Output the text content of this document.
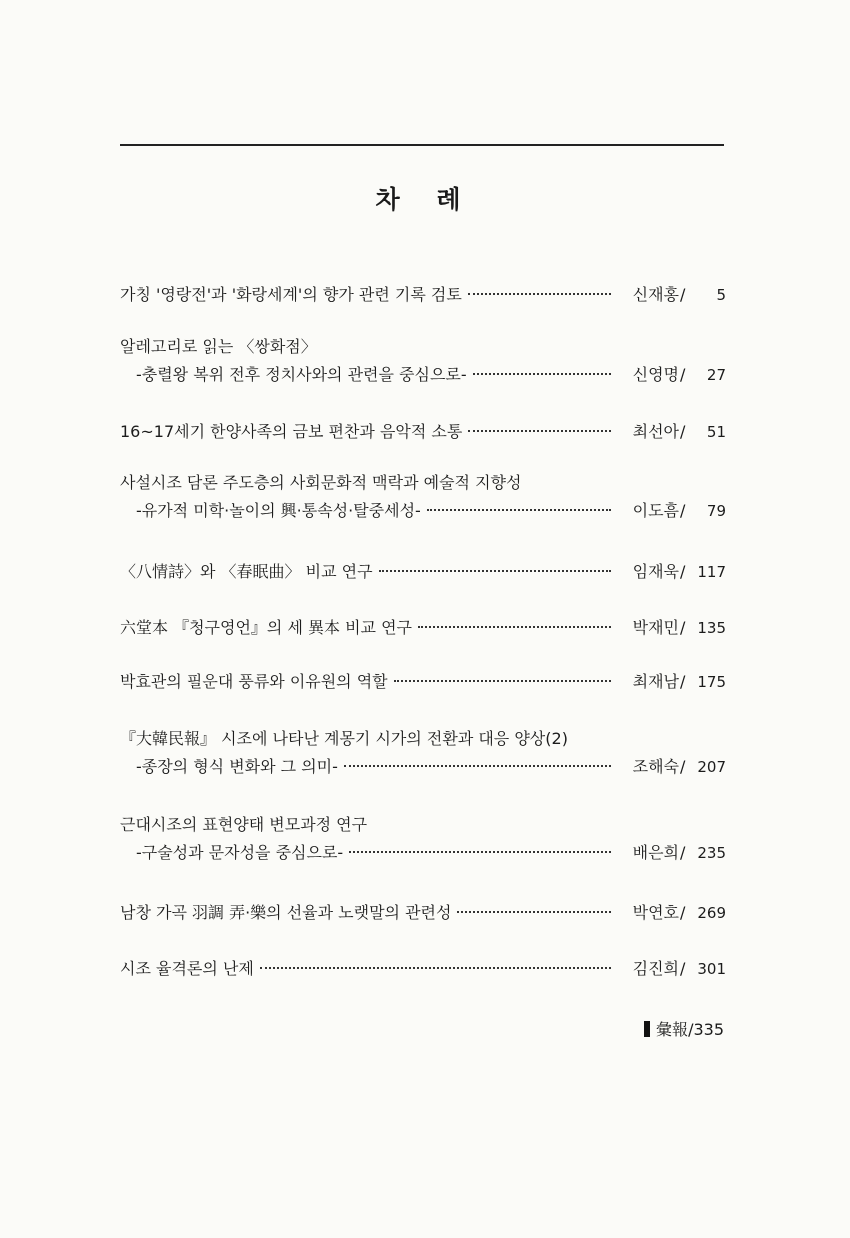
차 례
가칭 '영랑전'과 '화랑세계'의 향가 관련 기록 검토	신재홍 /	5
알레고리로 읽는 〈쌍화점〉
-충렬왕 복위 전후 정치사와의 관련을 중심으로-	신영명 /	27
16~17세기 한양사족의 금보 편찬과 음악적 소통	최선아 /	51
사설시조 담론 주도층의 사회문화적 맥락과 예술적 지향성
-유가적 미학·놀이의 興·통속성·탈중세성-	이도흠 /	79
〈八情詩〉와 〈春眠曲〉 비교 연구	임재욱 / 117
六堂本 『청구영언』의 세 異本 비교 연구	박재민 / 135
박효관의 필운대 풍류와 이유원의 역할	최재남 / 175
『大韓民報』 시조에 나타난 계몽기 시가의 전환과 대응 양상(2)
-종장의 형식 변화와 그 의미-	조해숙 / 207
근대시조의 표현양태 변모과정 연구
-구술성과 문자성을 중심으로-	배은희 / 235
남창 가곡 羽調 弄·樂의 선율과 노랫말의 관련성	박연호 / 269
시조 율격론의 난제	김진희 / 301
彙報/335
